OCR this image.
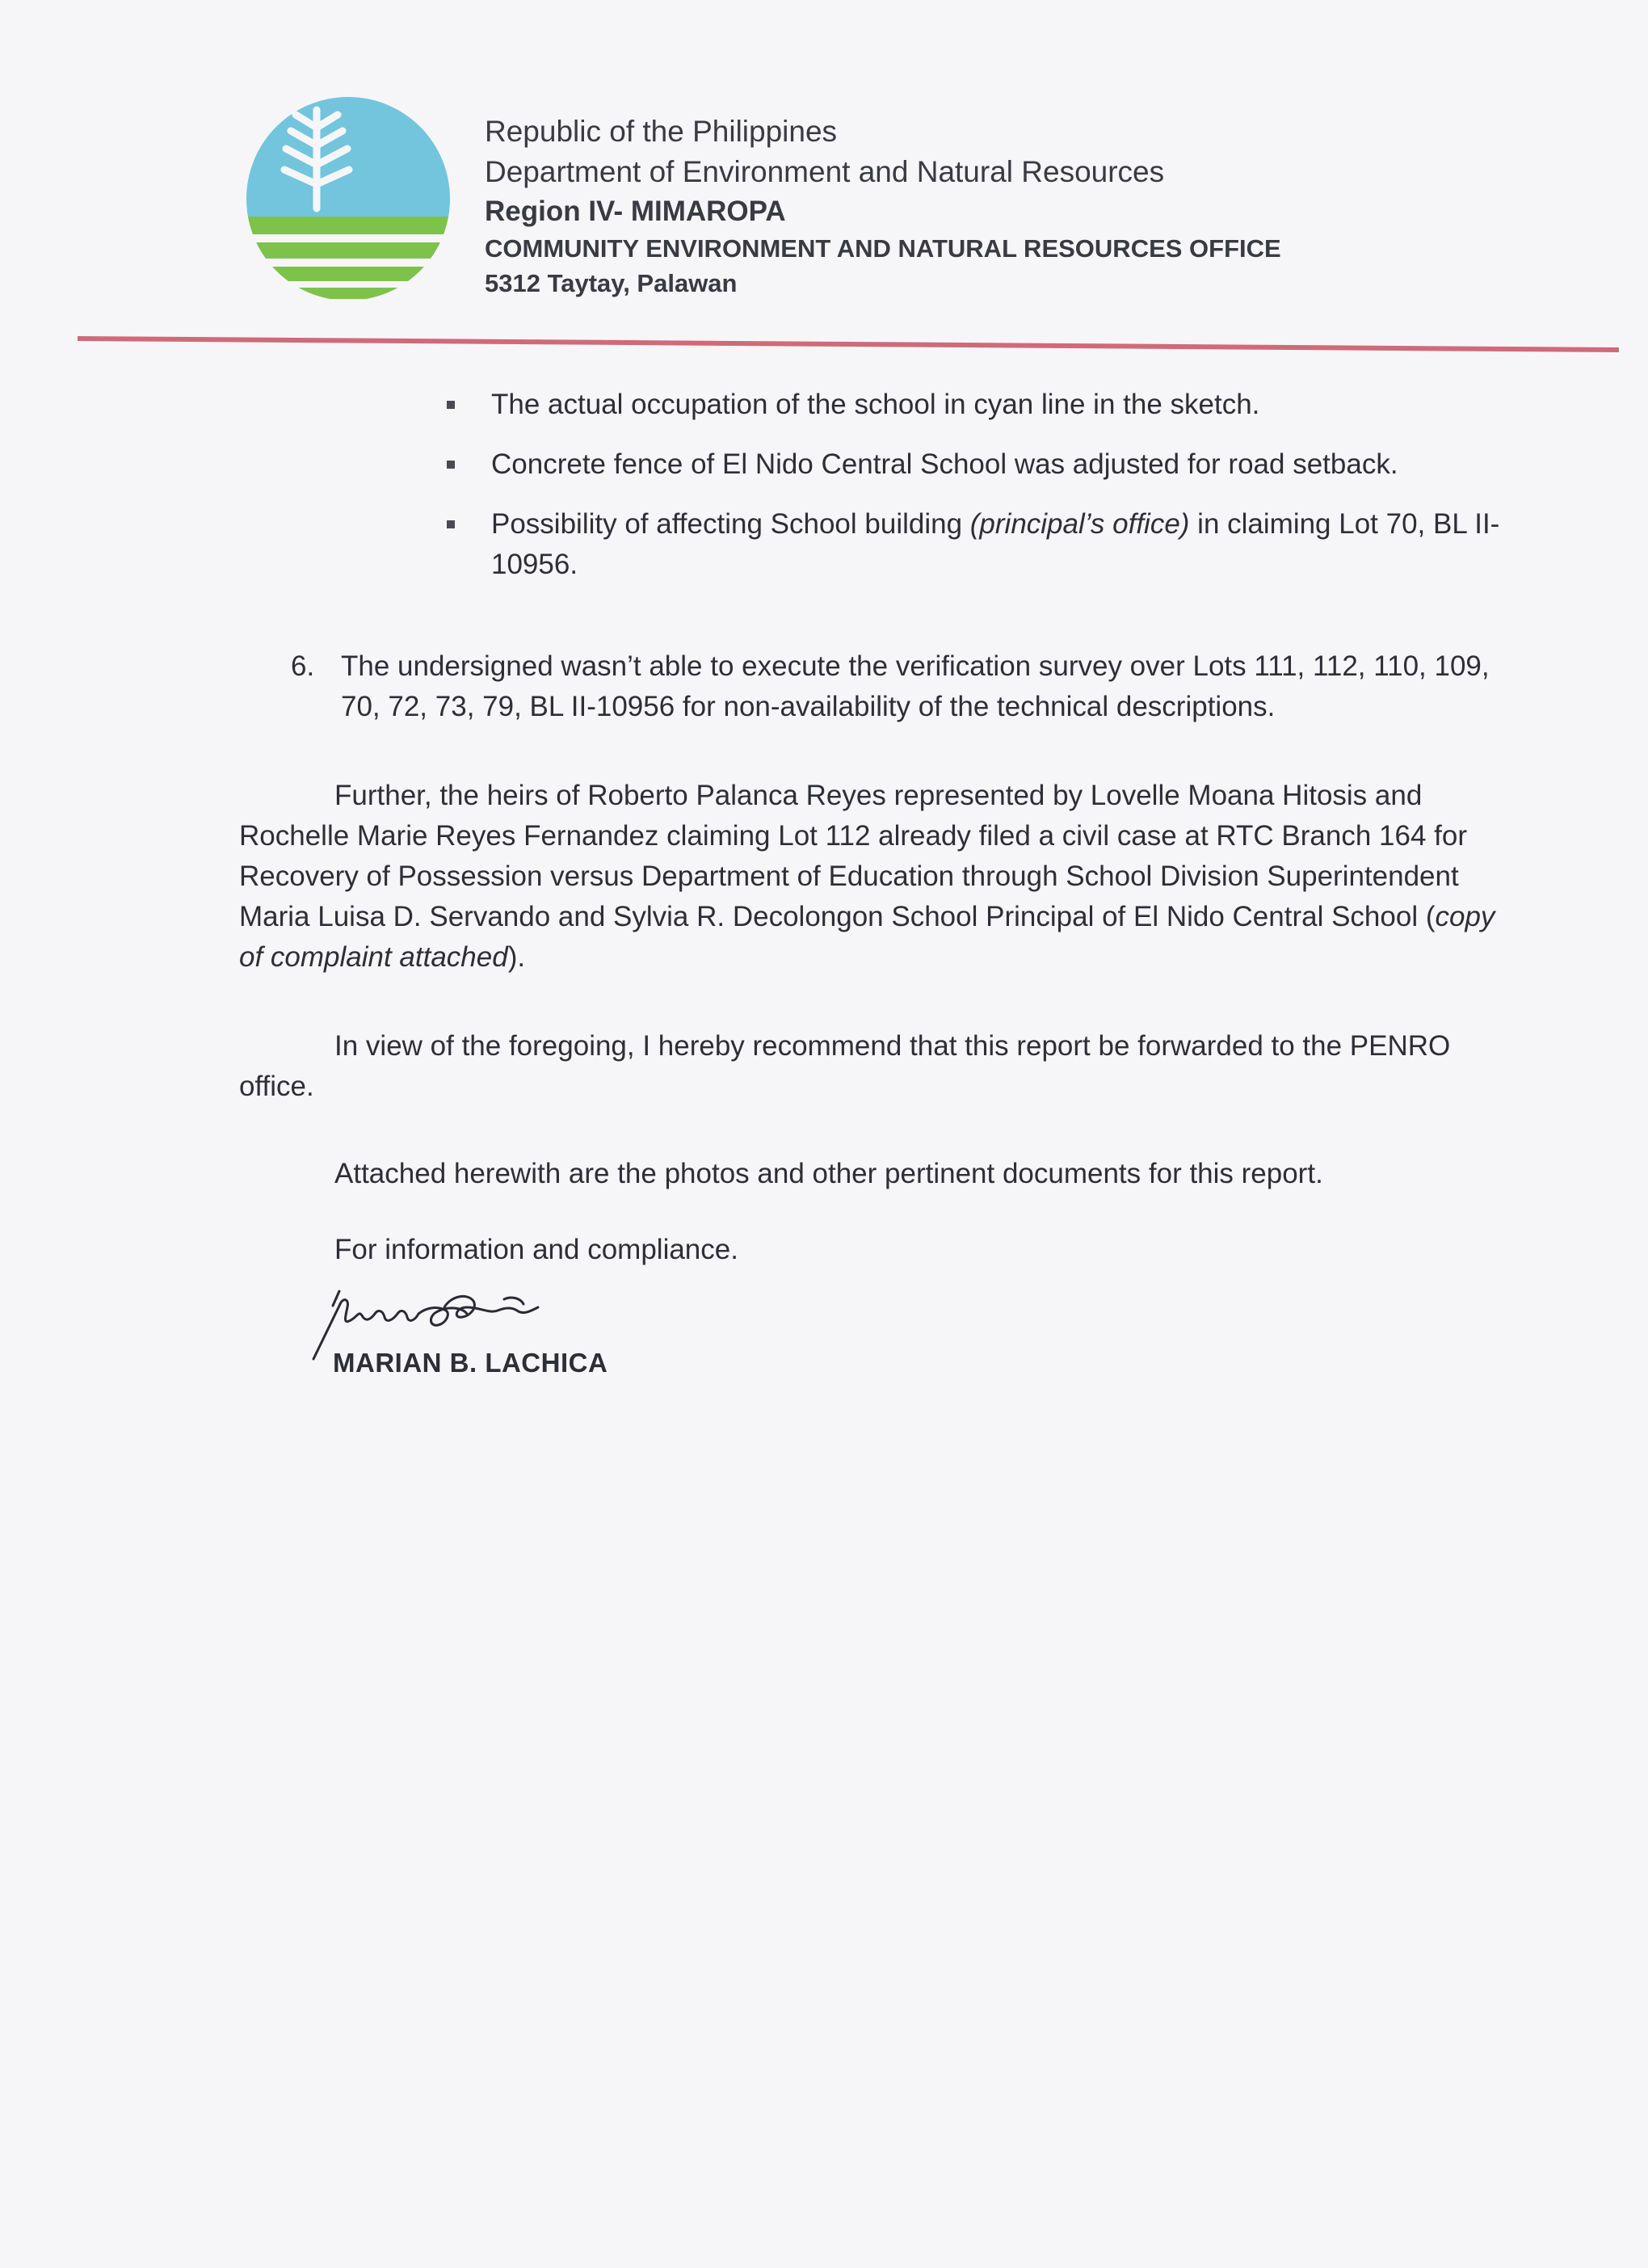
Republic of the Philippines
Department of Environment and Natural Resources
Region IV- MIMAROPA
COMMUNITY ENVIRONMENT AND NATURAL RESOURCES OFFICE
5312 Taytay, Palawan
The actual occupation of the school in cyan line in the sketch.
Concrete fence of El Nido Central School was adjusted for road setback.
Possibility of affecting School building (principal’s office) in claiming Lot 70, BL II-10956.
6. The undersigned wasn’t able to execute the verification survey over Lots 111, 112, 110, 109, 70, 72, 73, 79, BL II-10956 for non-availability of the technical descriptions.
Further, the heirs of Roberto Palanca Reyes represented by Lovelle Moana Hitosis and Rochelle Marie Reyes Fernandez claiming Lot 112 already filed a civil case at RTC Branch 164 for Recovery of Possession versus Department of Education through School Division Superintendent Maria Luisa D. Servando and Sylvia R. Decolongon School Principal of El Nido Central School (copy of complaint attached).
In view of the foregoing, I hereby recommend that this report be forwarded to the PENRO office.
Attached herewith are the photos and other pertinent documents for this report.
For information and compliance.
MARIAN B. LACHICA
